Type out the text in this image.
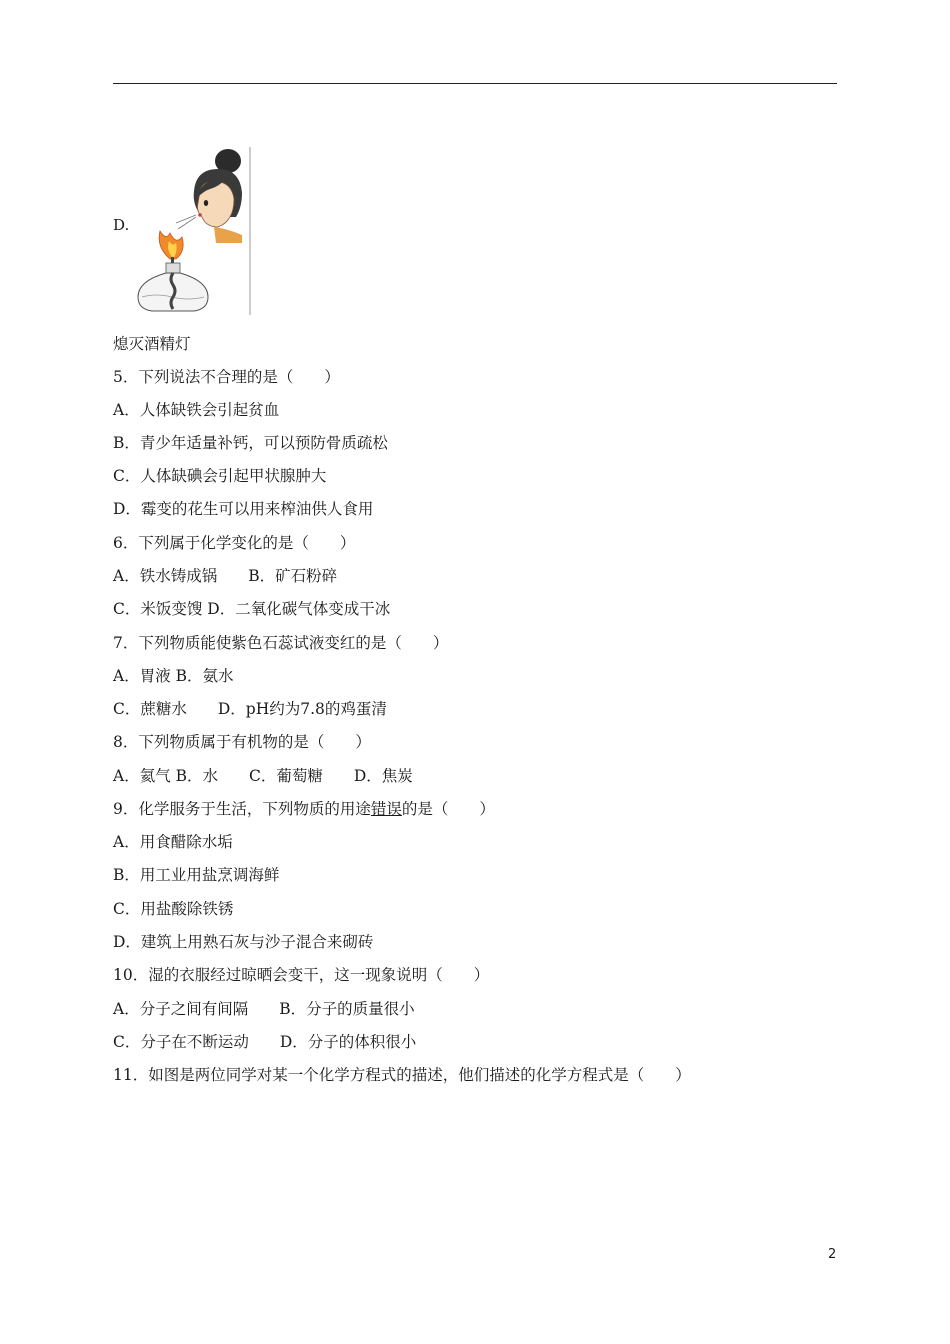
D.
熄灭酒精灯
5．下列说法不合理的是（　　）
A．人体缺铁会引起贫血
B．青少年适量补钙，可以预防骨质疏松
C．人体缺碘会引起甲状腺肿大
D．霉变的花生可以用来榨油供人食用
6．下列属于化学变化的是（　　）
A．铁水铸成锅　　B．矿石粉碎
C．米饭变馊 D．二氧化碳气体变成干冰
7．下列物质能使紫色石蕊试液变红的是（　　）
A．胃液 B．氨水
C．蔗糖水　　D．pH约为7.8的鸡蛋清
8．下列物质属于有机物的是（　　）
A．氦气 B．水　　C．葡萄糖　　D．焦炭
9．化学服务于生活，下列物质的用途错误的是（　　）
A．用食醋除水垢
B．用工业用盐烹调海鲜
C．用盐酸除铁锈
D．建筑上用熟石灰与沙子混合来砌砖
10．湿的衣服经过晾晒会变干，这一现象说明（　　）
A．分子之间有间隔　　B．分子的质量很小
C．分子在不断运动　　D．分子的体积很小
11．如图是两位同学对某一个化学方程式的描述，他们描述的化学方程式是（　　）
2
